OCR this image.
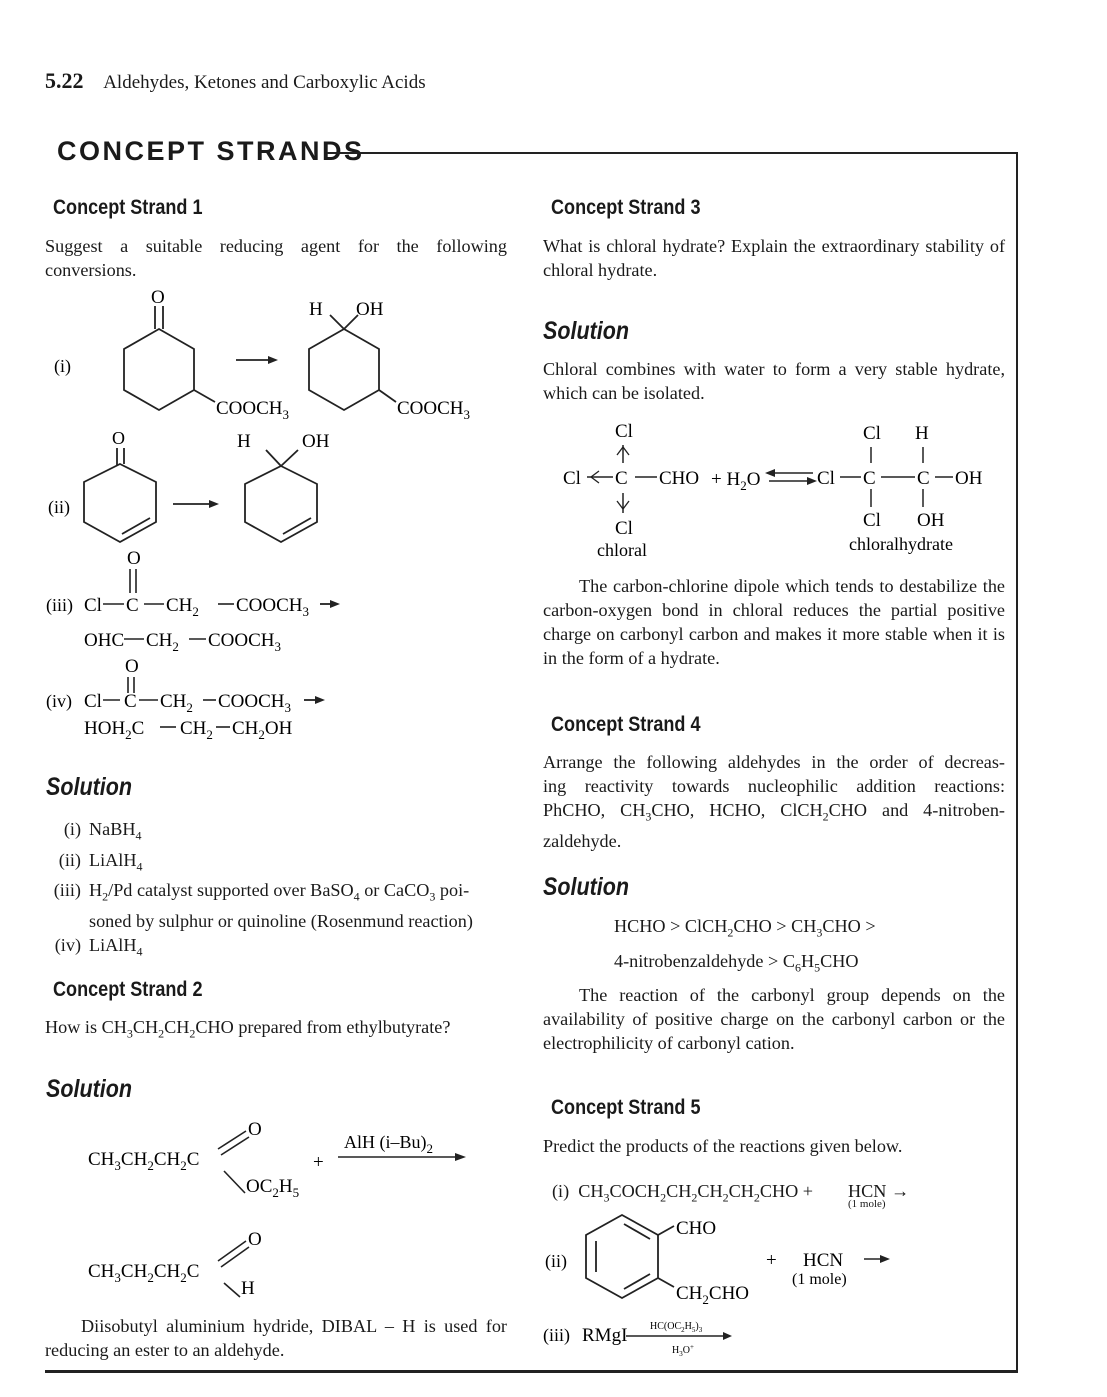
5.22 Aldehydes, Ketones and Carboxylic Acids
CONCEPT STRANDS
Concept Strand 1
Suggest a suitable reducing agent for the following conversions.
O
$COOCH_3$
(i)
H OH
$COOCH_3$
O
(ii)
H	OH
O
(iii) Cl C $CH_2$ $COOCH_3$
OHC $CH_2$ $COOCH_3$
O
(iv) Cl C $CH_2$ $COOCH_3$
$HOH_2C$ $CH_2$ $CH_2OH$
Solution
(i) NaBH$_4$
(ii) LiAlH$_4$
(iii) $H_2/Pd$ catalyst supported over BaSO$_4$ or CaCO$_3$ poi-
soned by sulphur or quinoline (Rosenmund reaction)
(iv) LiAlH$_4$
Concept Strand 2
How is $CH_3CH_2CH_2CHO$ prepared from ethylbutyrate?
Solution
$CH_3CH_2CH_2C$
O
$OC_2H_5$
+
AlH $(i-Bu)_2$
$CH_3CH_2CH_2C$
O
H
Diisobutyl aluminium hydride, DIBAL – H is used for reducing an ester to an aldehyde.
Concept Strand 3
What is chloral hydrate? Explain the extraordinary stability of chloral hydrate.
Solution
Chloral combines with water to form a very stable hydrate, which can be isolated.
Cl
Cl C CHO
Cl
chloral
+ $H_2O$	Cl
Cl
C
Cl
H
C
OH
OH
chloralhydrate
The carbon-chlorine dipole which tends to destabilize the carbon-oxygen bond in chloral reduces the partial positive charge on carbonyl carbon and makes it more stable when it is in the form of a hydrate.
Concept Strand 4
Arrange the following aldehydes in the order of decreas-
ing reactivity towards nucleophilic addition reactions:
PhCHO, $CH_3CHO$, HCHO, ClCH$_2$CHO and 4-nitroben-
zaldehyde.
Solution
HCHO > ClCH$_2$CHO > $CH_3CHO$ >
4-nitrobenzaldehyde > $C_6H_5CHO$
The reaction of the carbonyl group depends on the availability of positive charge on the carbonyl carbon or the electrophilicity of carbonyl cation.
Concept Strand 5
Predict the products of the reactions given below.
(i) $CH_3COCH_2CH_2CH_2CH_2CHO$ + HCN →
(1 mole)
(ii)
CHO
$CH_2CHO$
+ HCN
(1 mole)
(iii) RMgI $HC(OC_2H_5)_3$
$H_3O^+$
